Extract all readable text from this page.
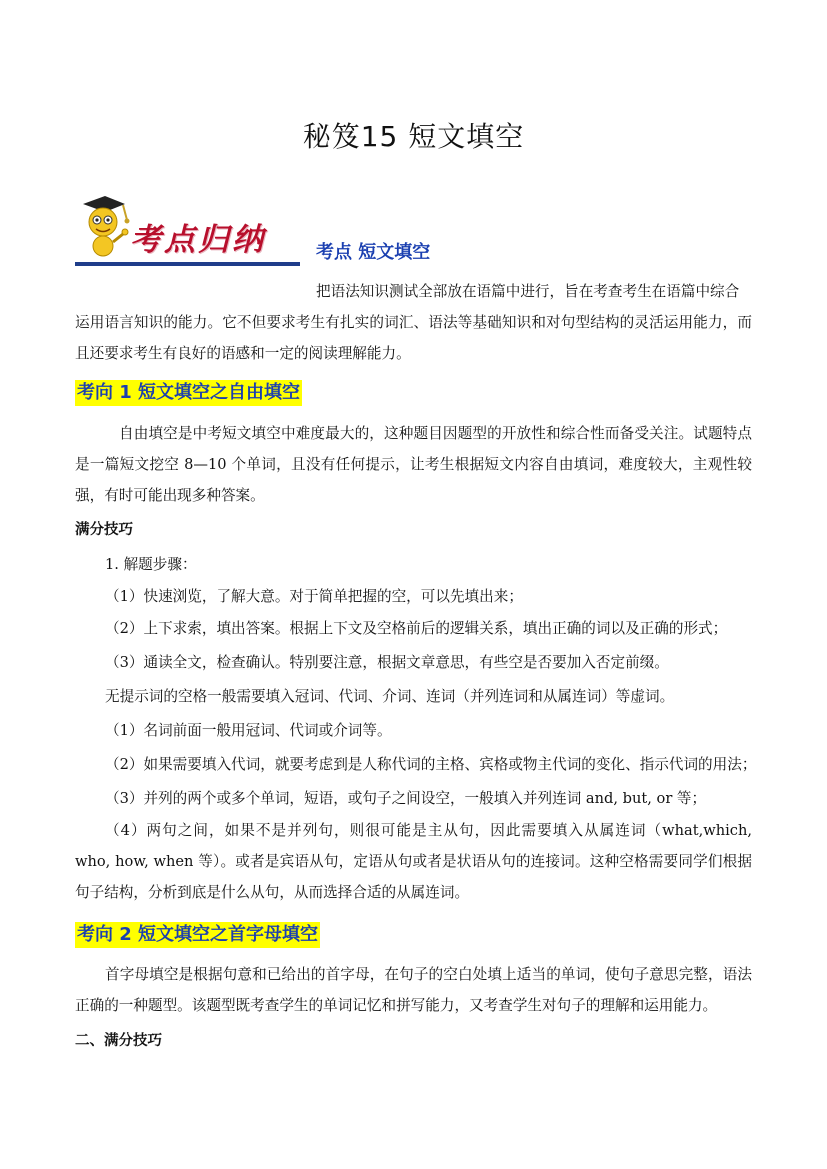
秘笈15 短文填空
考点归纳	考点 短文填空
把语法知识测试全部放在语篇中进行，旨在考查考生在语篇中综合
运用语言知识的能力。它不但要求考生有扎实的词汇、语法等基础知识和对句型结构的灵活运用能力，而且还要求考生有良好的语感和一定的阅读理解能力。
考向 1 短文填空之自由填空
自由填空是中考短文填空中难度最大的，这种题目因题型的开放性和综合性而备受关注。试题特点是一篇短文挖空 8—10 个单词，且没有任何提示，让考生根据短文内容自由填词，难度较大，主观性较强，有时可能出现多种答案。
满分技巧
1. 解题步骤：
（1）快速浏览，了解大意。对于简单把握的空，可以先填出来；
（2）上下求索，填出答案。根据上下文及空格前后的逻辑关系，填出正确的词以及正确的形式；
（3）通读全文，检查确认。特别要注意，根据文章意思，有些空是否要加入否定前缀。
无提示词的空格一般需要填入冠词、代词、介词、连词（并列连词和从属连词）等虚词。
（1）名词前面一般用冠词、代词或介词等。
（2）如果需要填入代词，就要考虑到是人称代词的主格、宾格或物主代词的变化、指示代词的用法；
（3）并列的两个或多个单词，短语，或句子之间设空，一般填入并列连词 and, but, or 等；
（4）两句之间，如果不是并列句，则很可能是主从句，因此需要填入从属连词（what,which, who, how, when 等）。或者是宾语从句，定语从句或者是状语从句的连接词。这种空格需要同学们根据句子结构，分析到底是什么从句，从而选择合适的从属连词。
考向 2 短文填空之首字母填空
首字母填空是根据句意和已给出的首字母，在句子的空白处填上适当的单词，使句子意思完整，语法正确的一种题型。该题型既考查学生的单词记忆和拼写能力，又考查学生对句子的理解和运用能力。
二、满分技巧
